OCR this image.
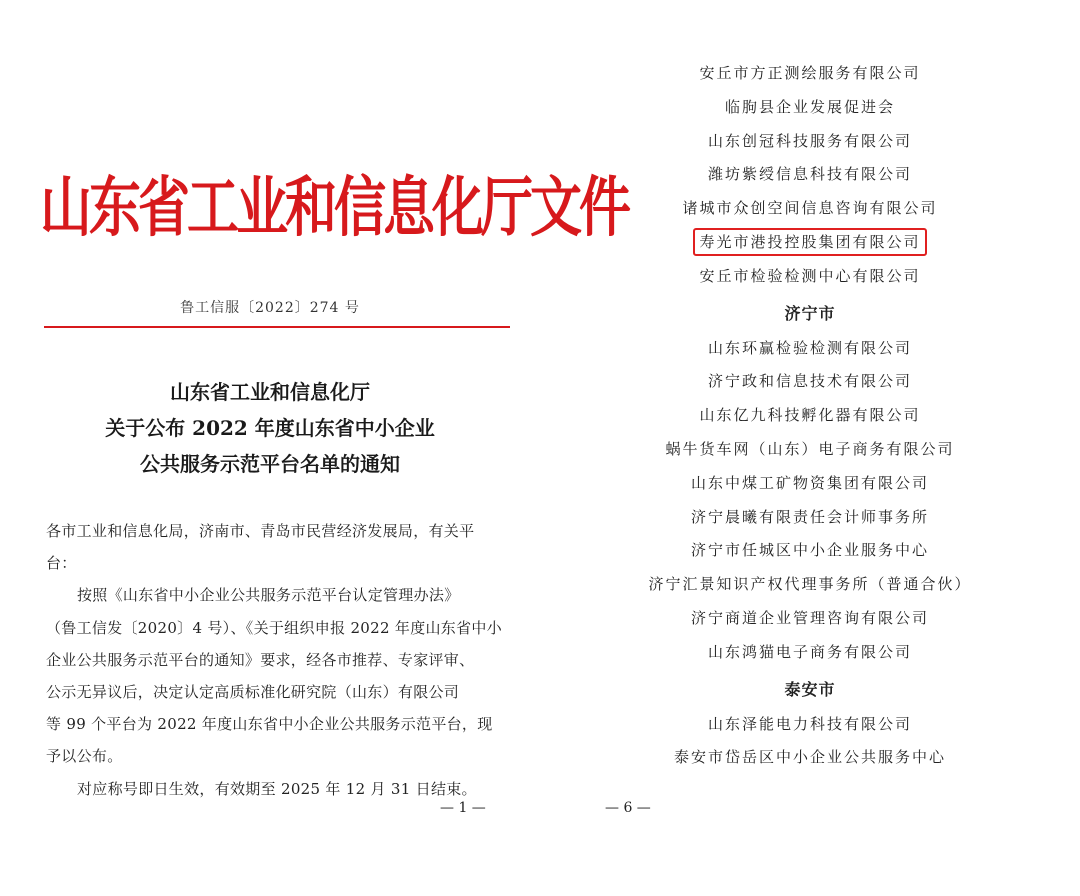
山东省工业和信息化厅文件
鲁工信服〔2022〕274 号
山东省工业和信息化厅
关于公布 2022 年度山东省中小企业
公共服务示范平台名单的通知
各市工业和信息化局，济南市、青岛市民营经济发展局，有关平
台：
按照《山东省中小企业公共服务示范平台认定管理办法》
（鲁工信发〔2020〕4 号）、《关于组织申报 2022 年度山东省中小
企业公共服务示范平台的通知》要求，经各市推荐、专家评审、
公示无异议后，决定认定高质标准化研究院（山东）有限公司
等 99 个平台为 2022 年度山东省中小企业公共服务示范平台，现
予以公布。
对应称号即日生效，有效期至 2025 年 12 月 31 日结束。
— 1 —
安丘市方正测绘服务有限公司
临朐县企业发展促进会
山东创冠科技服务有限公司
潍坊紫绶信息科技有限公司
诸城市众创空间信息咨询有限公司
寿光市港投控股集团有限公司
安丘市检验检测中心有限公司
济宁市
山东环赢检验检测有限公司
济宁政和信息技术有限公司
山东亿九科技孵化器有限公司
蜗牛货车网（山东）电子商务有限公司
山东中煤工矿物资集团有限公司
济宁晨曦有限责任会计师事务所
济宁市任城区中小企业服务中心
济宁汇景知识产权代理事务所（普通合伙）
济宁商道企业管理咨询有限公司
山东鸿猫电子商务有限公司
泰安市
山东泽能电力科技有限公司
泰安市岱岳区中小企业公共服务中心
— 6 —
